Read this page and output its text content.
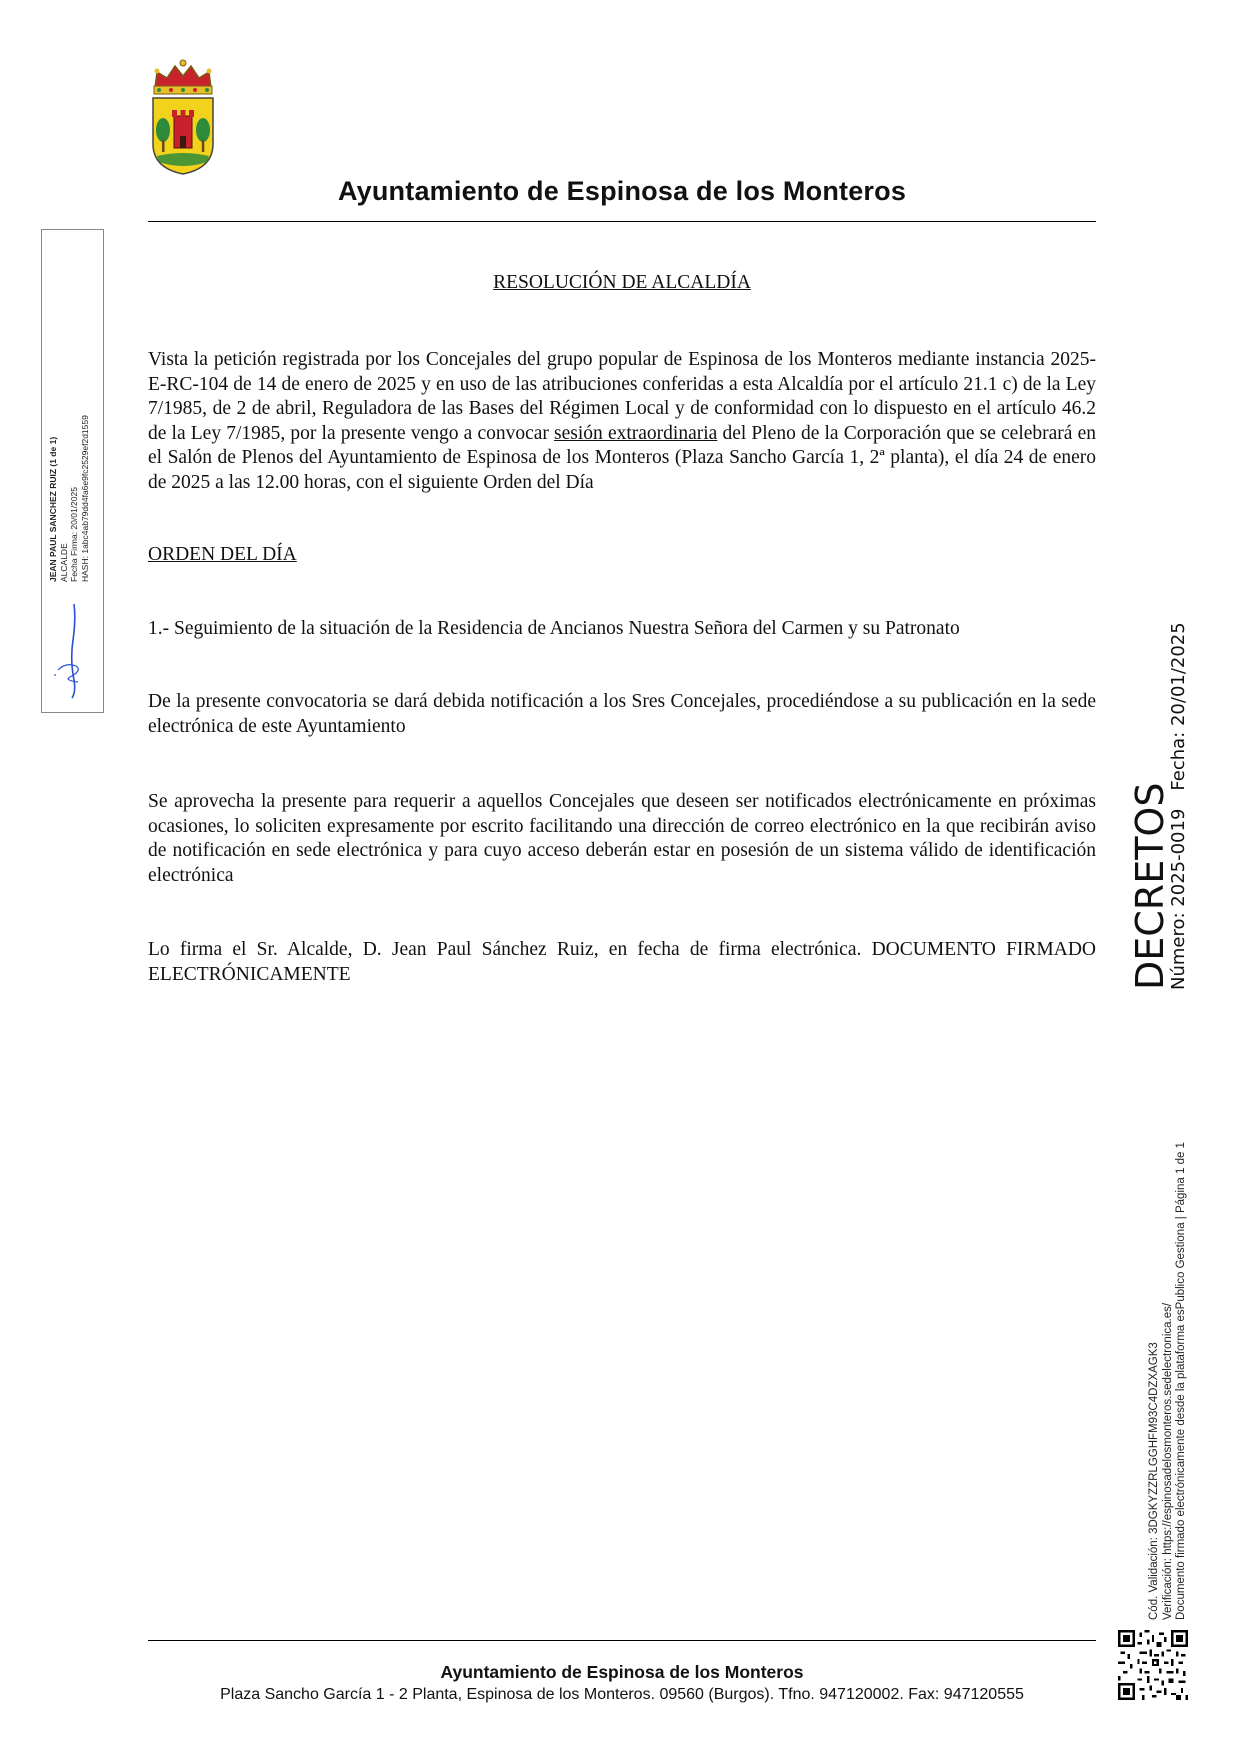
Ayuntamiento de Espinosa de los Monteros
RESOLUCIÓN DE ALCALDÍA
Vista la petición registrada por los Concejales del grupo popular de Espinosa de los Monteros mediante instancia 2025-E-RC-104 de 14 de enero de 2025 y en uso de las atribuciones conferidas a esta Alcaldía por el artículo 21.1 c) de la Ley 7/1985, de 2 de abril, Reguladora de las Bases del Régimen Local y de conformidad con lo dispuesto en el artículo 46.2 de la Ley 7/1985, por la presente vengo a convocar sesión extraordinaria del Pleno de la Corporación que se celebrará en el Salón de Plenos del Ayuntamiento de Espinosa de los Monteros (Plaza Sancho García 1, 2ª planta), el día 24 de enero de 2025 a las 12.00 horas, con el siguiente Orden del Día
ORDEN DEL DÍA
1.- Seguimiento de la situación de la Residencia de Ancianos Nuestra Señora del Carmen y su Patronato
De la presente convocatoria se dará debida notificación a los Sres Concejales, procediéndose a su publicación en la sede electrónica de este Ayuntamiento
Se aprovecha la presente para requerir a aquellos Concejales que deseen ser notificados electrónicamente en próximas ocasiones, lo soliciten expresamente por escrito facilitando una dirección de correo electrónico en la que recibirán aviso de notificación en sede electrónica y para cuyo acceso deberán estar en posesión de un sistema válido de identificación electrónica
Lo firma el Sr. Alcalde, D. Jean Paul Sánchez Ruiz, en fecha de firma electrónica. DOCUMENTO FIRMADO ELECTRÓNICAMENTE
JEAN PAUL SANCHEZ RUIZ (1 de 1) ALCALDE Fecha Firma: 20/01/2025 HASH: 1abc4ab79dd4fa6e9fc2529ef2d1559
DECRETOS
Número: 2025-0019Fecha: 20/01/2025
Cód. Validación: 3DGKYZZRLGGHFM93C4DZXAGK3 Verificación: https://espinosadelosmonteros.sedelectronica.es/ Documento firmado electrónicamente desde la plataforma esPublico Gestiona | Página 1 de 1
Ayuntamiento de Espinosa de los Monteros
Plaza Sancho García 1 - 2 Planta, Espinosa de los Monteros. 09560 (Burgos). Tfno. 947120002. Fax: 947120555
